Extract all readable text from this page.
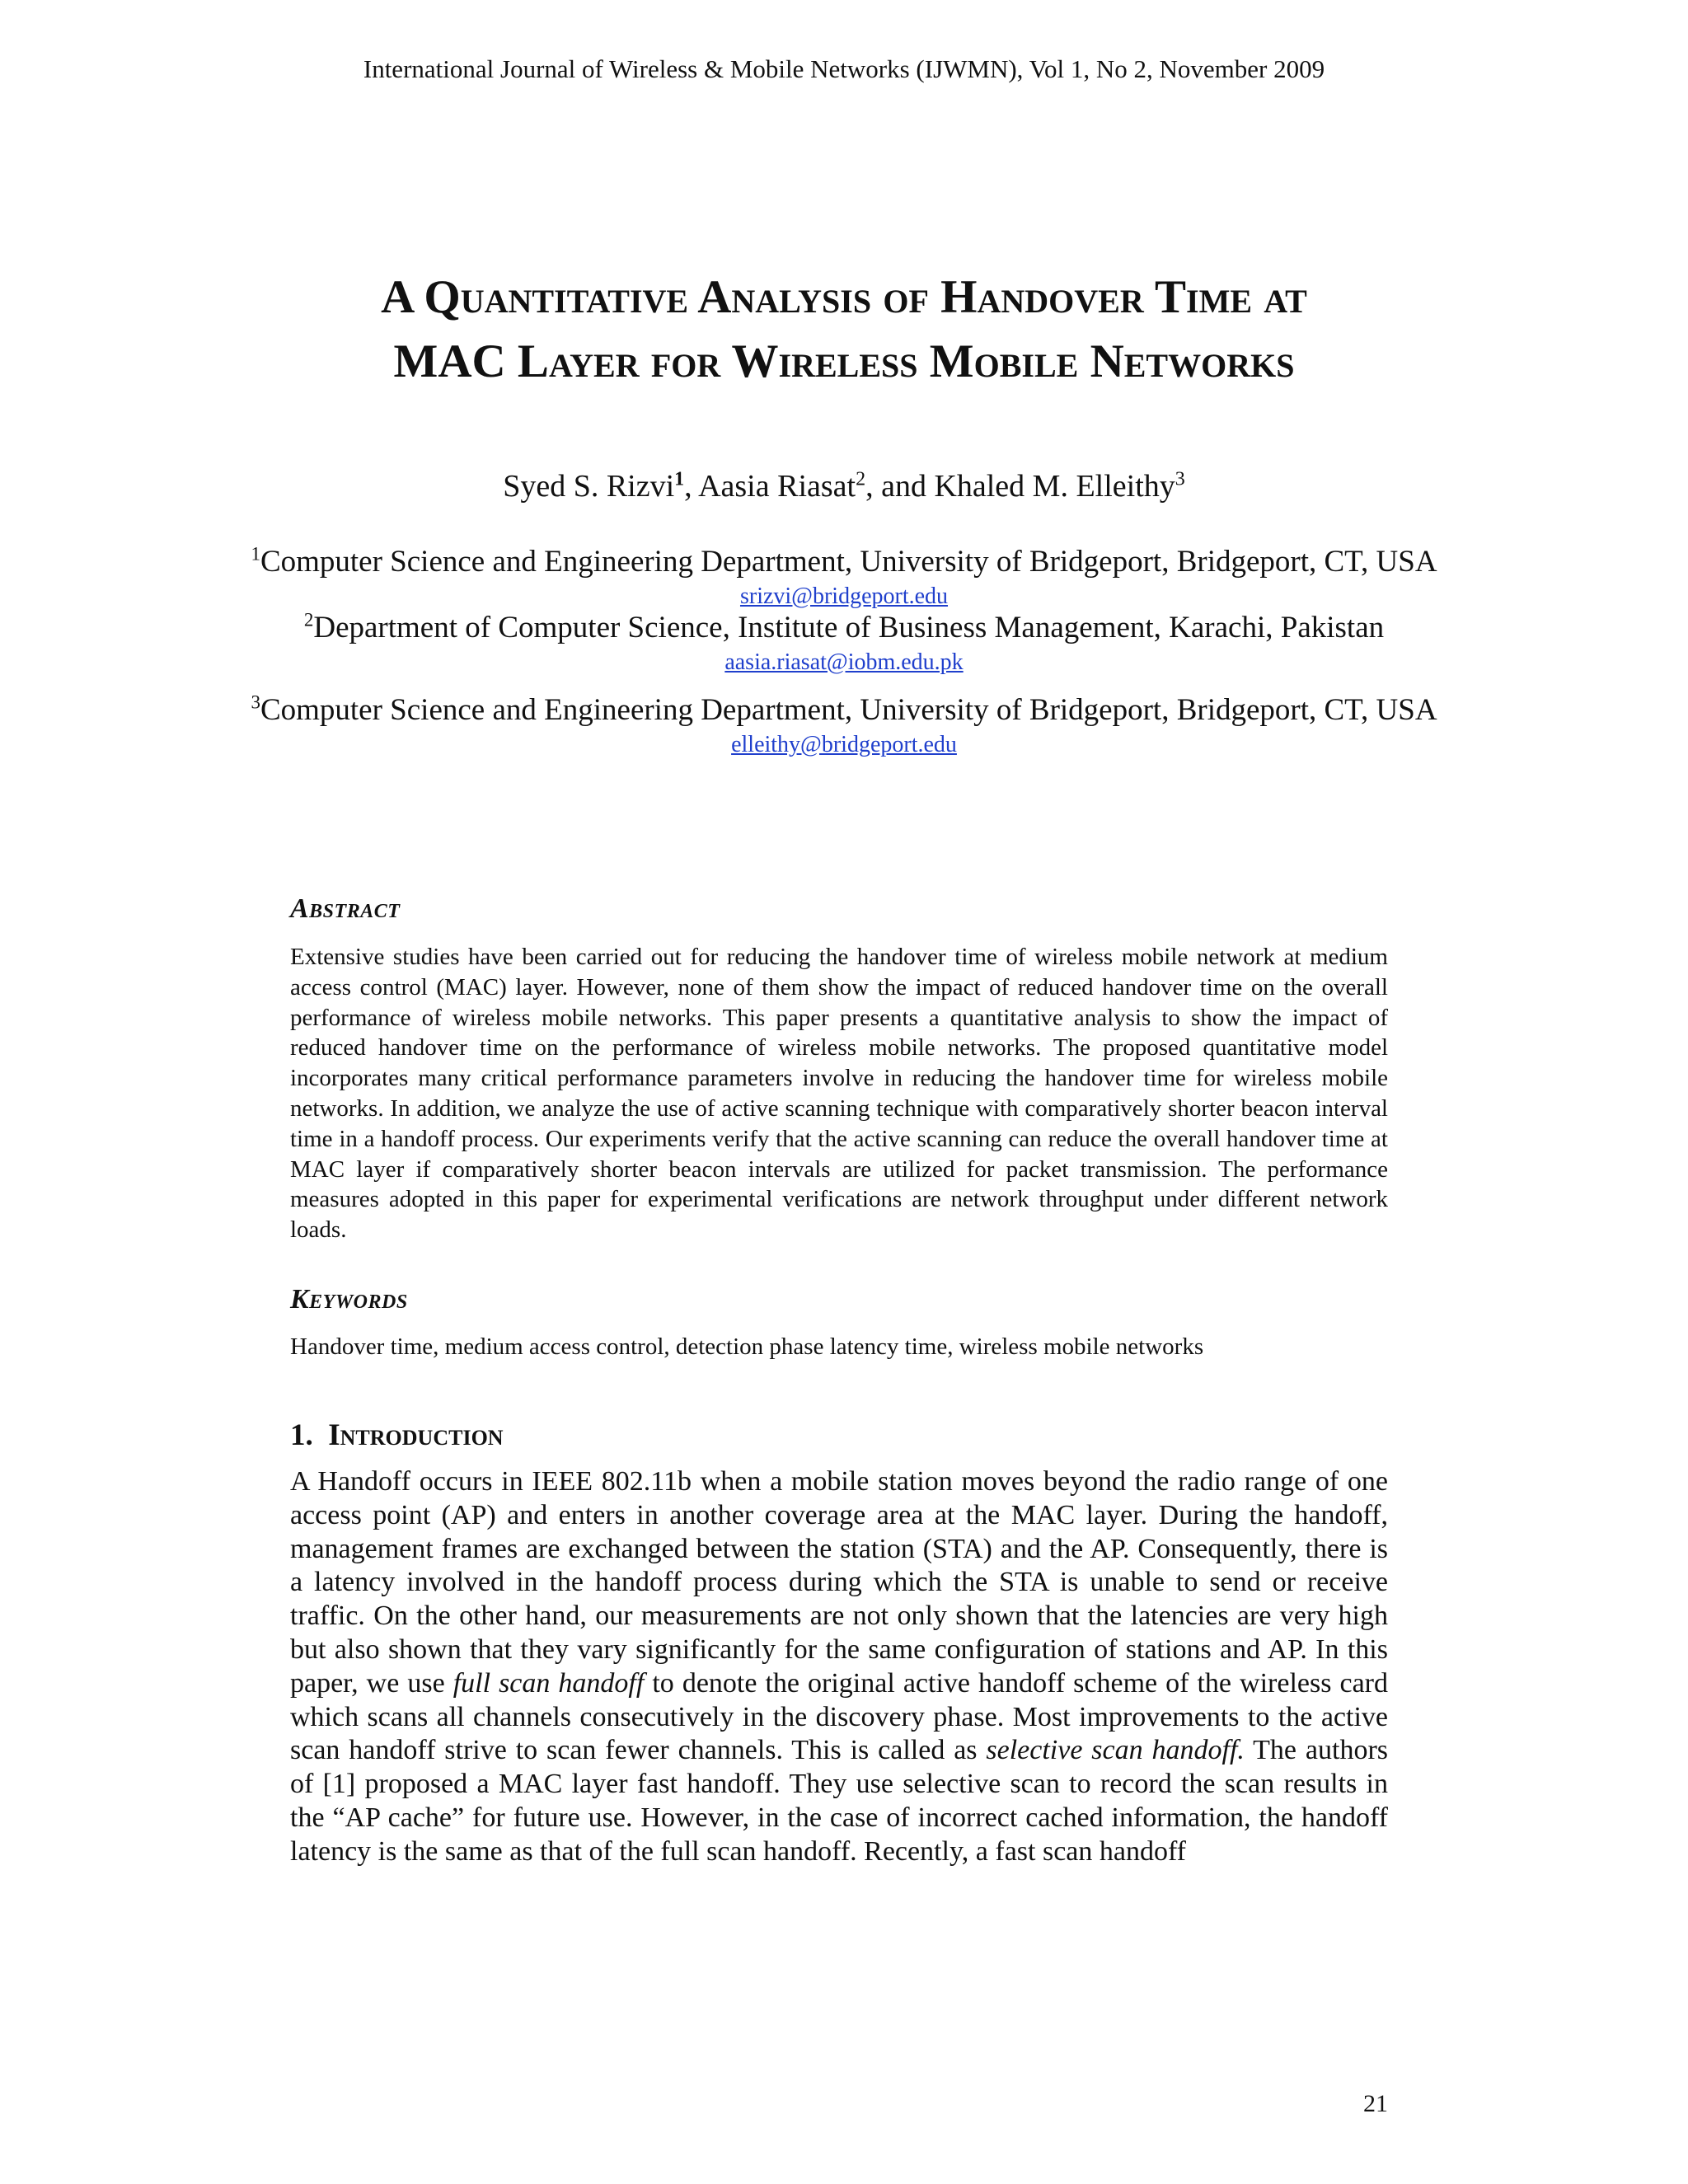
International Journal of Wireless & Mobile Networks (IJWMN), Vol 1, No 2, November 2009
A Quantitative Analysis of Handover Time at
MAC Layer for Wireless Mobile Networks
Syed S. Rizvi$^1$, Aasia Riasat$^2$, and Khaled M. Elleithy$^3$
$^1$Computer Science and Engineering Department, University of Bridgeport, Bridgeport, CT, USA
srizvi@bridgeport.edu
$^2$Department of Computer Science, Institute of Business Management, Karachi, Pakistan
aasia.riasat@iobm.edu.pk
$^3$Computer Science and Engineering Department, University of Bridgeport, Bridgeport, CT, USA
elleithy@bridgeport.edu
Abstract
Extensive studies have been carried out for reducing the handover time of wireless mobile network at medium access control (MAC) layer. However, none of them show the impact of reduced handover time on the overall performance of wireless mobile networks. This paper presents a quantitative analysis to show the impact of reduced handover time on the performance of wireless mobile networks. The proposed quantitative model incorporates many critical performance parameters involve in reducing the handover time for wireless mobile networks. In addition, we analyze the use of active scanning technique with comparatively shorter beacon interval time in a handoff process. Our experiments verify that the active scanning can reduce the overall handover time at MAC layer if comparatively shorter beacon intervals are utilized for packet transmission. The performance measures adopted in this paper for experimental verifications are network throughput under different network loads.
Keywords
Handover time, medium access control, detection phase latency time, wireless mobile networks
1. Introduction
A Handoff occurs in IEEE 802.11b when a mobile station moves beyond the radio range of one access point (AP) and enters in another coverage area at the MAC layer. During the handoff, management frames are exchanged between the station (STA) and the AP. Consequently, there is a latency involved in the handoff process during which the STA is unable to send or receive traffic. On the other hand, our measurements are not only shown that the latencies are very high but also shown that they vary significantly for the same configuration of stations and AP. In this paper, we use full scan handoff to denote the original active handoff scheme of the wireless card which scans all channels consecutively in the discovery phase. Most improvements to the active scan handoff strive to scan fewer channels. This is called as selective scan handoff. The authors of [1] proposed a MAC layer fast handoff. They use selective scan to record the scan results in the “AP cache” for future use. However, in the case of incorrect cached information, the handoff latency is the same as that of the full scan handoff. Recently, a fast scan handoff
21
